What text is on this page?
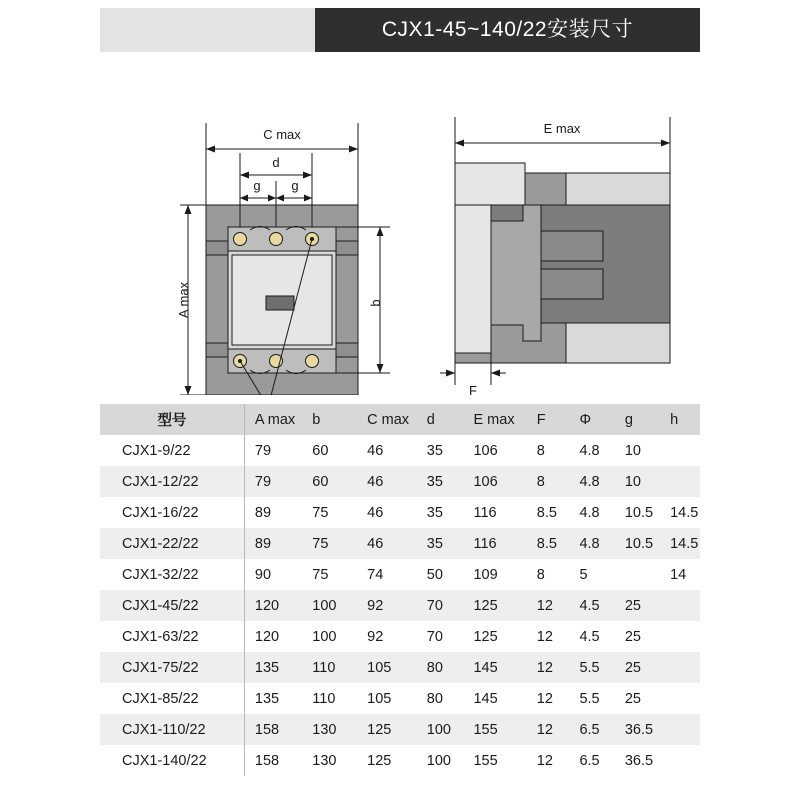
CJX1-45~140/22安装尺寸
C max
d
g g
A max	b
E max
F
型号	A max	b	C max	d	E max	F	Φ	g	h
CJX1-9/22	79	60	46	35	106	8	4.8	10	
CJX1-12/22	79	60	46	35	106	8	4.8	10	
CJX1-16/22	89	75	46	35	116	8.5	4.8	10.5	14.5
CJX1-22/22	89	75	46	35	116	8.5	4.8	10.5	14.5
CJX1-32/22	90	75	74	50	109	8	5		14
CJX1-45/22	120	100	92	70	125	12	4.5	25	
CJX1-63/22	120	100	92	70	125	12	4.5	25	
CJX1-75/22	135	110	105	80	145	12	5.5	25	
CJX1-85/22	135	110	105	80	145	12	5.5	25	
CJX1-110/22	158	130	125	100	155	12	6.5	36.5	
CJX1-140/22	158	130	125	100	155	12	6.5	36.5	
